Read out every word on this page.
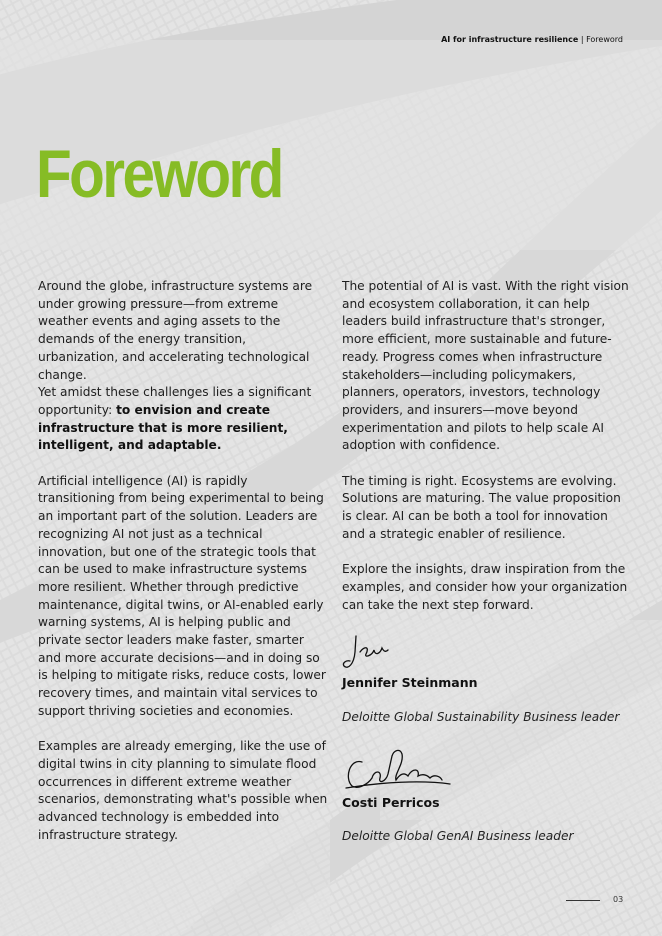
AI for infrastructure resilience | Foreword
Foreword

Around the globe, infrastructure systems are under growing pressure—from extreme weather events and aging assets to the demands of the energy transition, urbanization, and accelerating technological change.
Yet amidst these challenges lies a significant opportunity: to envision and create infrastructure that is more resilient, intelligent, and adaptable.

Artificial intelligence (AI) is rapidly transitioning from being experimental to being an important part of the solution. Leaders are recognizing AI not just as a technical innovation, but one of the strategic tools that can be used to make infrastructure systems more resilient. Whether through predictive maintenance, digital twins, or AI-enabled early warning systems, AI is helping public and private sector leaders make faster, smarter and more accurate decisions—and in doing so is helping to mitigate risks, reduce costs, lower recovery times, and maintain vital services to support thriving societies and economies.

Examples are already emerging, like the use of digital twins in city planning to simulate flood occurrences in different extreme weather scenarios, demonstrating what's possible when advanced technology is embedded into infrastructure strategy.

The potential of AI is vast. With the right vision and ecosystem collaboration, it can help leaders build infrastructure that's stronger, more efficient, more sustainable and future-ready. Progress comes when infrastructure stakeholders—including policymakers, planners, operators, investors, technology providers, and insurers—move beyond experimentation and pilots to help scale AI adoption with confidence.

The timing is right. Ecosystems are evolving. Solutions are maturing. The value proposition is clear. AI can be both a tool for innovation and a strategic enabler of resilience.

Explore the insights, draw inspiration from the examples, and consider how your organization can take the next step forward.

Jennifer Steinmann

Deloitte Global Sustainability Business leader

Costi Perricos

Deloitte Global GenAI Business leader

03
